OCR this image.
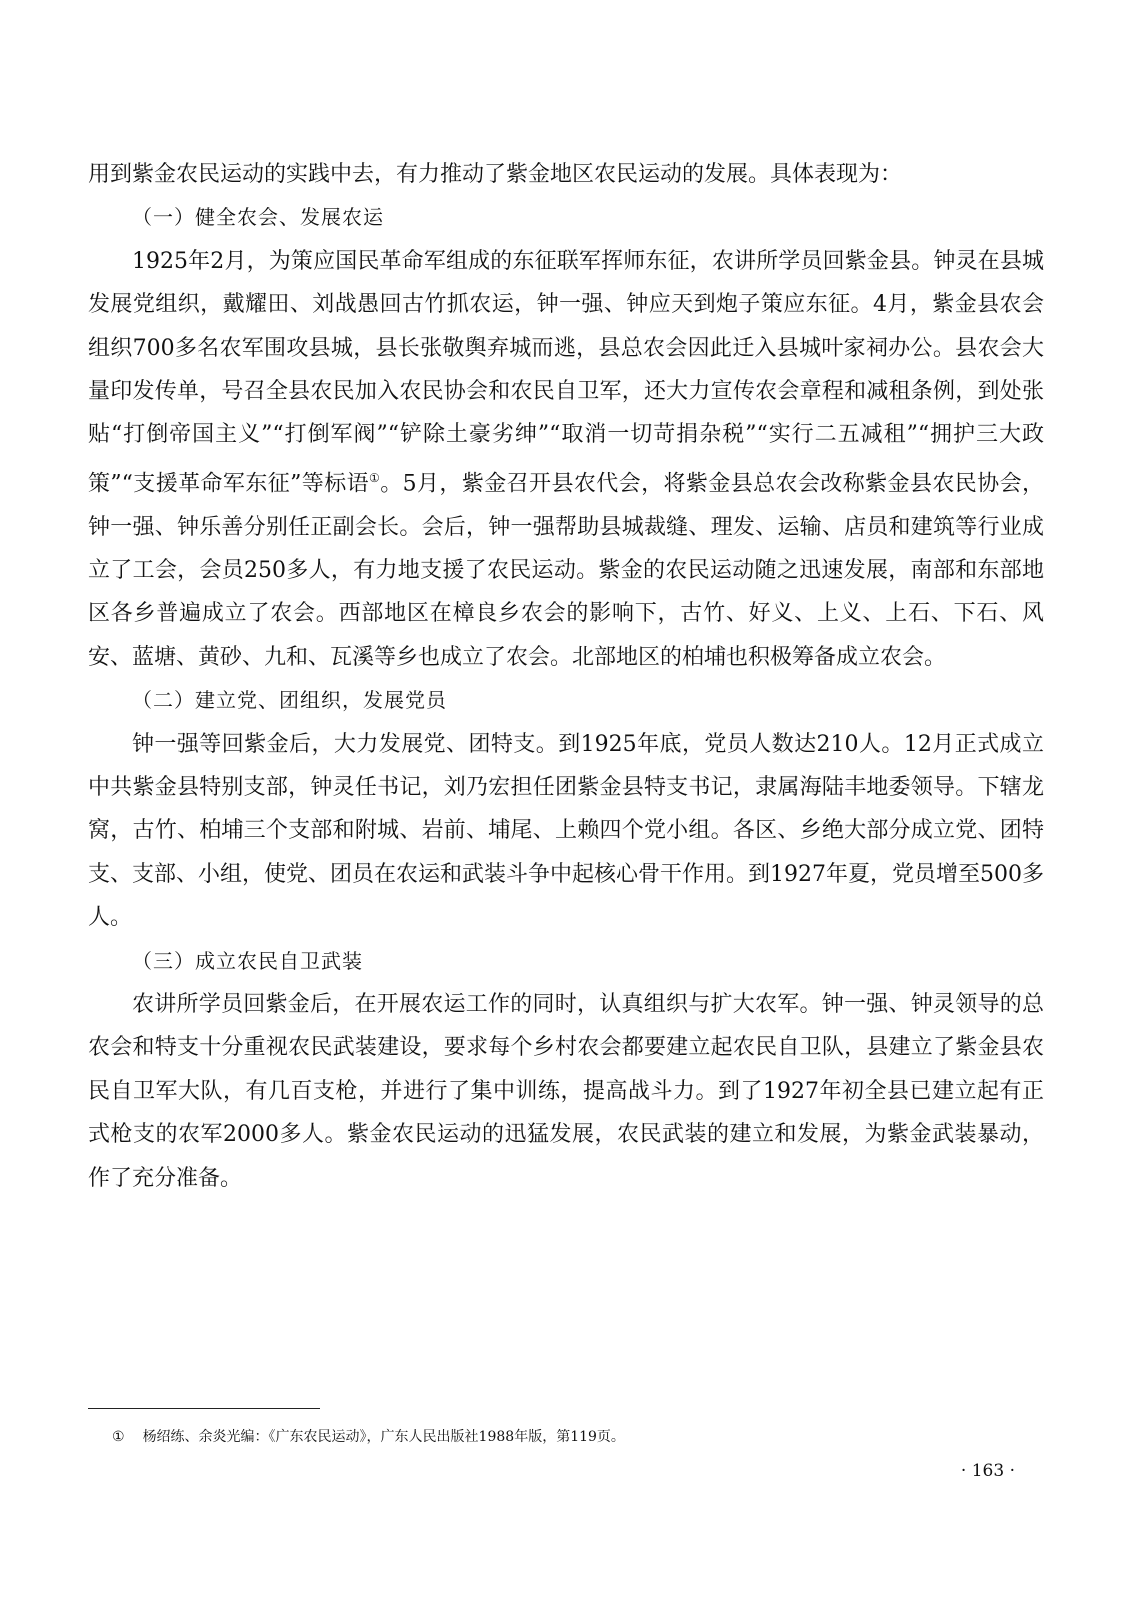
用到紫金农民运动的实践中去，有力推动了紫金地区农民运动的发展。具体表现为：

（一）健全农会、发展农运

1925年2月，为策应国民革命军组成的东征联军挥师东征，农讲所学员回紫金县。钟灵在县城发展党组织，戴耀田、刘战愚回古竹抓农运，钟一强、钟应天到炮子策应东征。4月，紫金县农会组织700多名农军围攻县城，县长张敬舆弃城而逃，县总农会因此迁入县城叶家祠办公。县农会大量印发传单，号召全县农民加入农民协会和农民自卫军，还大力宣传农会章程和减租条例，到处张贴“打倒帝国主义”“打倒军阀”“铲除土豪劣绅”“取消一切苛捐杂税”“实行二五减租”“拥护三大政策”“支援革命军东征”等标语①。5月，紫金召开县农代会，将紫金县总农会改称紫金县农民协会，钟一强、钟乐善分别任正副会长。会后，钟一强帮助县城裁缝、理发、运输、店员和建筑等行业成立了工会，会员250多人，有力地支援了农民运动。紫金的农民运动随之迅速发展，南部和东部地区各乡普遍成立了农会。西部地区在樟良乡农会的影响下，古竹、好义、上义、上石、下石、风安、蓝塘、黄砂、九和、瓦溪等乡也成立了农会。北部地区的柏埔也积极筹备成立农会。

（二）建立党、团组织，发展党员

钟一强等回紫金后，大力发展党、团特支。到1925年底，党员人数达210人。12月正式成立中共紫金县特别支部，钟灵任书记，刘乃宏担任团紫金县特支书记，隶属海陆丰地委领导。下辖龙窝，古竹、柏埔三个支部和附城、岩前、埔尾、上赖四个党小组。各区、乡绝大部分成立党、团特支、支部、小组，使党、团员在农运和武装斗争中起核心骨干作用。到1927年夏，党员增至500多人。

（三）成立农民自卫武装

农讲所学员回紫金后，在开展农运工作的同时，认真组织与扩大农军。钟一强、钟灵领导的总农会和特支十分重视农民武装建设，要求每个乡村农会都要建立起农民自卫队，县建立了紫金县农民自卫军大队，有几百支枪，并进行了集中训练，提高战斗力。到了1927年初全县已建立起有正式枪支的农军2000多人。紫金农民运动的迅猛发展，农民武装的建立和发展，为紫金武装暴动，作了充分准备。

① 杨绍练、余炎光编：《广东农民运动》，广东人民出版社1988年版，第119页。
· 163 ·
